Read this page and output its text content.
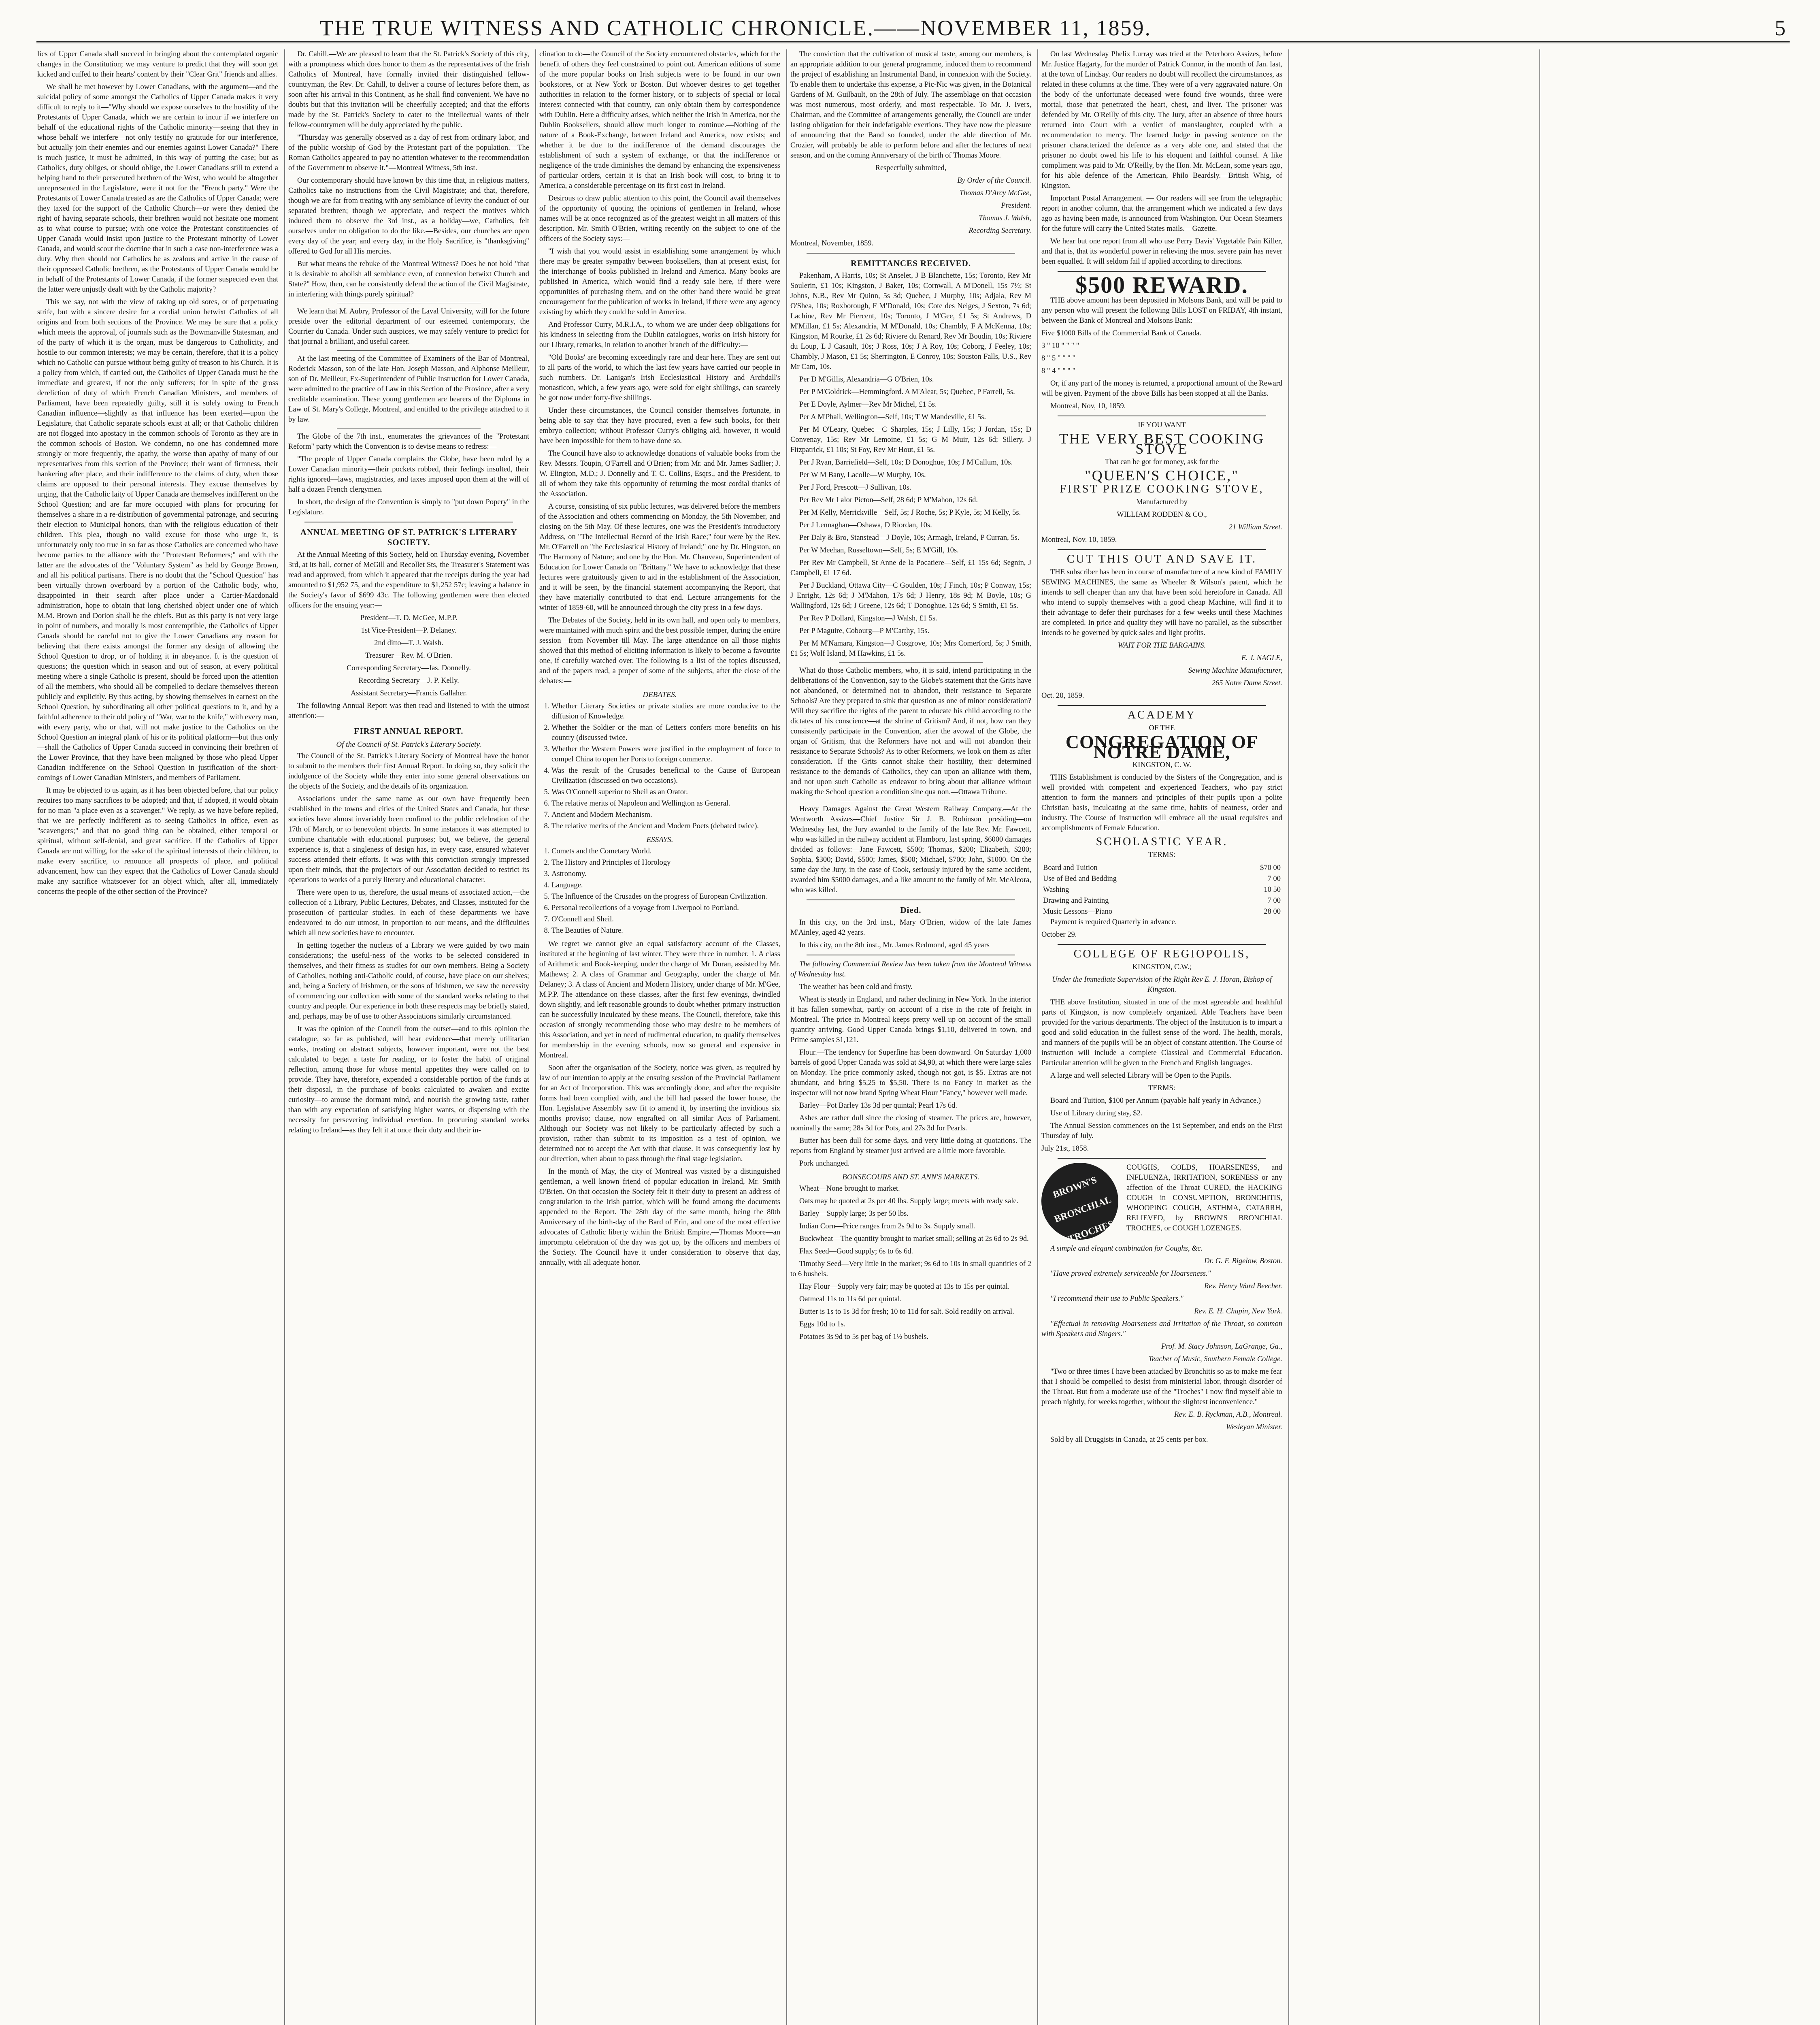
THE TRUE WITNESS AND CATHOLIC CHRONICLE.——NOVEMBER 11, 1859.	5

lics of Upper Canada shall succeed in bringing about the contemplated organic changes in the Constitution; we may venture to predict that they will soon get kicked and cuffed to their hearts' content by their "Clear Grit" friends and allies.

We shall be met however by Lower Canadians, with the argument—and the suicidal policy of some amongst the Catholics of Upper Canada makes it very difficult to reply to it—"Why should we expose ourselves to the hostility of the Protestants of Upper Canada, which we are certain to incur if we interfere on behalf of the educational rights of the Catholic minority—seeing that they in whose behalf we interfere—not only testify no gratitude for our interference, but actually join their enemies and our enemies against Lower Canada?" There is much justice, it must be admitted, in this way of putting the case; but as Catholics, duty obliges, or should oblige, the Lower Canadians still to extend a helping hand to their persecuted brethren of the West, who would be altogether unrepresented in the Legislature, were it not for the "French party." Were the Protestants of Lower Canada treated as are the Catholics of Upper Canada; were they taxed for the support of the Catholic Church—or were they denied the right of having separate schools, their brethren would not hesitate one moment as to what course to pursue; with one voice the Protestant constituencies of Upper Canada would insist upon justice to the Protestant minority of Lower Canada, and would scout the doctrine that in such a case non-interference was a duty. Why then should not Catholics be as zealous and active in the cause of their oppressed Catholic brethren, as the Protestants of Upper Canada would be in behalf of the Protestants of Lower Canada, if the former suspected even that the latter were unjustly dealt with by the Catholic majority?

This we say, not with the view of raking up old sores, or of perpetuating strife, but with a sincere desire for a cordial union betwixt Catholics of all origins and from both sections of the Province. We may be sure that a policy which meets the approval, of journals such as the Bowmanville Statesman, and of the party of which it is the organ, must be dangerous to Catholicity, and hostile to our common interests; we may be certain, therefore, that it is a policy which no Catholic can pursue without being guilty of treason to his Church. It is a policy from which, if carried out, the Catholics of Upper Canada must be the immediate and greatest, if not the only sufferers; for in spite of the gross dereliction of duty of which French Canadian Ministers, and members of Parliament, have been repeatedly guilty, still it is solely owing to French Canadian influence—slightly as that influence has been exerted—upon the Legislature, that Catholic separate schools exist at all; or that Catholic children are not flogged into apostacy in the common schools of Toronto as they are in the common schools of Boston. We condemn, no one has condemned more strongly or more frequently, the apathy, the worse than apathy of many of our representatives from this section of the Province; their want of firmness, their hankering after place, and their indifference to the claims of duty, when those claims are opposed to their personal interests. They excuse themselves by urging, that the Catholic laity of Upper Canada are themselves indifferent on the School Question; and are far more occupied with plans for procuring for themselves a share in a re-distribution of governmental patronage, and securing their election to Municipal honors, than with the religious education of their children. This plea, though no valid excuse for those who urge it, is unfortunately only too true in so far as those Catholics are concerned who have become parties to the alliance with the "Protestant Reformers;" and with the latter are the advocates of the "Voluntary System" as held by George Brown, and all his political partisans. There is no doubt that the "School Question" has been virtually thrown overboard by a portion of the Catholic body, who, disappointed in their search after place under a Cartier-Macdonald administration, hope to obtain that long cherished object under one of which M.M. Brown and Dorion shall be the chiefs. But as this party is not very large in point of numbers, and morally is most contemptible, the Catholics of Upper Canada should be careful not to give the Lower Canadians any reason for believing that there exists amongst the former any design of allowing the School Question to drop, or of holding it in abeyance. It is the question of questions; the question which in season and out of season, at every political meeting where a single Catholic is present, should be forced upon the attention of all the members, who should all be compelled to declare themselves thereon publicly and explicitly. By thus acting, by showing themselves in earnest on the School Question, by subordinating all other political questions to it, and by a faithful adherence to their old policy of "War, war to the knife," with every man, with every party, who or that, will not make justice to the Catholics on the School Question an integral plank of his or its political platform—but thus only—shall the Catholics of Upper Canada succeed in convincing their brethren of the Lower Province, that they have been maligned by those who plead Upper Canadian indifference on the School Question in justification of the short-comings of Lower Canadian Ministers, and members of Parliament.

It may be objected to us again, as it has been objected before, that our policy requires too many sacrifices to be adopted; and that, if adopted, it would obtain for no man "a place even as a scavenger." We reply, as we have before replied, that we are perfectly indifferent as to seeing Catholics in office, even as "scavengers;" and that no good thing can be obtained, either temporal or spiritual, without self-denial, and great sacrifice. If the Catholics of Upper Canada are not willing, for the sake of the spiritual interests of their children, to make every sacrifice, to renounce all prospects of place, and political advancement, how can they expect that the Catholics of Lower Canada should make any sacrifice whatsoever for an object which, after all, immediately concerns the people of the other section of the Province?

Dr. Cahill.—We are pleased to learn that the St. Patrick's Society of this city, with a promptness which does honor to them as the representatives of the Irish Catholics of Montreal, have formally invited their distinguished fellow-countryman, the Rev. Dr. Cahill, to deliver a course of lectures before them, as soon after his arrival in this Continent, as he shall find convenient. We have no doubts but that this invitation will be cheerfully accepted; and that the efforts made by the St. Patrick's Society to cater to the intellectual wants of their fellow-countrymen will be duly appreciated by the public.

"Thursday was generally observed as a day of rest from ordinary labor, and of the public worship of God by the Protestant part of the population.—The Roman Catholics appeared to pay no attention whatever to the recommendation of the Government to observe it."—Montreal Witness, 5th inst.

Our contemporary should have known by this time that, in religious matters, Catholics take no instructions from the Civil Magistrate; and that, therefore, though we are far from treating with any semblance of levity the conduct of our separated brethren; though we appreciate, and respect the motives which induced them to observe the 3rd inst., as a holiday—we, Catholics, felt ourselves under no obligation to do the like.—Besides, our churches are open every day of the year; and every day, in the Holy Sacrifice, is "thanksgiving" offered to God for all His mercies.

But what means the rebuke of the Montreal Witness? Does he not hold "that it is desirable to abolish all semblance even, of connexion betwixt Church and State?" How, then, can he consistently defend the action of the Civil Magistrate, in interfering with things purely spiritual?

We learn that M. Aubry, Professor of the Laval University, will for the future preside over the editorial department of our esteemed contemporary, the Courrier du Canada. Under such auspices, we may safely venture to predict for that journal a brilliant, and useful career.

At the last meeting of the Committee of Examiners of the Bar of Montreal, Roderick Masson, son of the late Hon. Joseph Masson, and Alphonse Meilleur, son of Dr. Meilleur, Ex-Superintendent of Public Instruction for Lower Canada, were admitted to the practice of Law in this Section of the Province, after a very creditable examination. These young gentlemen are bearers of the Diploma in Law of St. Mary's College, Montreal, and entitled to the privilege attached to it by law.

The Globe of the 7th inst., enumerates the grievances of the "Protestant Reform" party which the Convention is to devise means to redress:—

"The people of Upper Canada complains the Globe, have been ruled by a Lower Canadian minority—their pockets robbed, their feelings insulted, their rights ignored—laws, magistracies, and taxes imposed upon them at the will of half a dozen French clergymen.

In short, the design of the Convention is simply to "put down Popery" in the Legislature.

ANNUAL MEETING OF ST. PATRICK'S LITERARY SOCIETY.

At the Annual Meeting of this Society, held on Thursday evening, November 3rd, at its hall, corner of McGill and Recollet Sts, the Treasurer's Statement was read and approved, from which it appeared that the receipts during the year had amounted to $1,952 75, and the expenditure to $1,252 57c; leaving a balance in the Society's favor of $699 43c. The following gentlemen were then elected officers for the ensuing year:—

President—T. D. McGee, M.P.P.

1st Vice-President—P. Delaney.

2nd ditto—T. J. Walsh.

Treasurer—Rev. M. O'Brien.

Corresponding Secretary—Jas. Donnelly.

Recording Secretary—J. P. Kelly.

Assistant Secretary—Francis Gallaher.

The following Annual Report was then read and listened to with the utmost attention:—

FIRST ANNUAL REPORT.
Of the Council of St. Patrick's Literary Society.

The Council of the St. Patrick's Literary Society of Montreal have the honor to submit to the members their first Annual Report. In doing so, they solicit the indulgence of the Society while they enter into some general observations on the objects of the Society, and the details of its organization.

Associations under the same name as our own have frequently been established in the towns and cities of the United States and Canada, but these societies have almost invariably been confined to the public celebration of the 17th of March, or to benevolent objects. In some instances it was attempted to combine charitable with educational purposes; but, we believe, the general experience is, that a singleness of design has, in every case, ensured whatever success attended their efforts. It was with this conviction strongly impressed upon their minds, that the projectors of our Association decided to restrict its operations to works of a purely literary and educational character.

There were open to us, therefore, the usual means of associated action,—the collection of a Library, Public Lectures, Debates, and Classes, instituted for the prosecution of particular studies. In each of these departments we have endeavored to do our utmost, in proportion to our means, and the difficulties which all new societies have to encounter.

In getting together the nucleus of a Library we were guided by two main considerations; the useful-ness of the works to be selected considered in themselves, and their fitness as studies for our own members. Being a Society of Catholics, nothing anti-Catholic could, of course, have place on our shelves; and, being a Society of Irishmen, or the sons of Irishmen, we saw the necessity of commencing our collection with some of the standard works relating to that country and people. Our experience in both these respects may be briefly stated, and, perhaps, may be of use to other Associations similarly circumstanced.

It was the opinion of the Council from the outset—and to this opinion the catalogue, so far as published, will bear evidence—that merely utilitarian works, treating on abstract subjects, however important, were not the best calculated to beget a taste for reading, or to foster the habit of original reflection, among those for whose mental appetites they were called on to provide. They have, therefore, expended a considerable portion of the funds at their disposal, in the purchase of books calculated to awaken and excite curiosity—to arouse the dormant mind, and nourish the growing taste, rather than with any expectation of satisfying higher wants, or dispensing with the necessity for persevering individual exertion. In procuring standard works relating to Ireland—as they felt it at once their duty and their in-

clination to do—the Council of the Society encountered obstacles, which for the benefit of others they feel constrained to point out. American editions of some of the more popular books on Irish subjects were to be found in our own bookstores, or at New York or Boston. But whoever desires to get together authorities in relation to the former history, or to subjects of special or local interest connected with that country, can only obtain them by correspondence with Dublin. Here a difficulty arises, which neither the Irish in America, nor the Dublin Booksellers, should allow much longer to continue.—Nothing of the nature of a Book-Exchange, between Ireland and America, now exists; and whether it be due to the indifference of the demand discourages the establishment of such a system of exchange, or that the indifference or negligence of the trade diminishes the demand by enhancing the expensiveness of particular orders, certain it is that an Irish book will cost, to bring it to America, a considerable percentage on its first cost in Ireland.

Desirous to draw public attention to this point, the Council avail themselves of the opportunity of quoting the opinions of gentlemen in Ireland, whose names will be at once recognized as of the greatest weight in all matters of this description. Mr. Smith O'Brien, writing recently on the subject to one of the officers of the Society says:—

"I wish that you would assist in establishing some arrangement by which there may be greater sympathy between booksellers, than at present exist, for the interchange of books published in Ireland and America. Many books are published in America, which would find a ready sale here, if there were opportunities of purchasing them, and on the other hand there would be great encouragement for the publication of works in Ireland, if there were any agency existing by which they could be sold in America.

And Professor Curry, M.R.I.A., to whom we are under deep obligations for his kindness in selecting from the Dublin catalogues, works on Irish history for our Library, remarks, in relation to another branch of the difficulty:—

"Old Books' are becoming exceedingly rare and dear here. They are sent out to all parts of the world, to which the last few years have carried our people in such numbers. Dr. Lanigan's Irish Ecclesiastical History and Archdall's monasticon, which, a few years ago, were sold for eight shillings, can scarcely be got now under forty-five shillings.

Under these circumstances, the Council consider themselves fortunate, in being able to say that they have procured, even a few such books, for their embryo collection; without Professor Curry's obliging aid, however, it would have been impossible for them to have done so.

The Council have also to acknowledge donations of valuable books from the Rev. Messrs. Toupin, O'Farrell and O'Brien; from Mr. and Mr. James Sadlier; J. W. Elington, M.D.; J. Donnelly and T. C. Collins, Esqrs., and the President, to all of whom they take this opportunity of returning the most cordial thanks of the Association.

A course, consisting of six public lectures, was delivered before the members of the Association and others commencing on Monday, the 5th November, and closing on the 5th May. Of these lectures, one was the President's introductory Address, on "The Intellectual Record of the Irish Race;" four were by the Rev. Mr. O'Farrell on "the Ecclesiastical History of Ireland;" one by Dr. Hingston, on The Harmony of Nature; and one by the Hon. Mr. Chauveau, Superintendent of Education for Lower Canada on "Brittany." We have to acknowledge that these lectures were gratuitously given to aid in the establishment of the Association, and it will be seen, by the financial statement accompanying the Report, that they have materially contributed to that end. Lecture arrangements for the winter of 1859-60, will be announced through the city press in a few days.

The Debates of the Society, held in its own hall, and open only to members, were maintained with much spirit and the best possible temper, during the entire session—from November till May. The large attendance on all those nights showed that this method of eliciting information is likely to become a favourite one, if carefully watched over. The following is a list of the topics discussed, and of the papers read, a proper of some of the subjects, after the close of the debates:—

DEBATES.
1. Whether Literary Societies or private studies are more conducive to the diffusion of Knowledge.
2. Whether the Soldier or the man of Letters confers more benefits on his country (discussed twice.
3. Whether the Western Powers were justified in the employment of force to compel China to open her Ports to foreign commerce.
4. Was the result of the Crusades beneficial to the Cause of European Civilization (discussed on two occasions).
5. Was O'Connell superior to Sheil as an Orator.
6. The relative merits of Napoleon and Wellington as General.
7. Ancient and Modern Mechanism.
8. The relative merits of the Ancient and Modern Poets (debated twice).
ESSAYS.
1. Comets and the Cometary World.
2. The History and Principles of Horology
3. Astronomy.
4. Language.
5. The Influence of the Crusades on the progress of European Civilization.
6. Personal recollections of a voyage from Liverpool to Portland.
7. O'Connell and Sheil.
8. The Beauties of Nature.

We regret we cannot give an equal satisfactory account of the Classes, instituted at the beginning of last winter. They were three in number. 1. A class of Arithmetic and Book-keeping, under the charge of Mr Duran, assisted by Mr. Mathews; 2. A class of Grammar and Geography, under the charge of Mr. Delaney; 3. A class of Ancient and Modern History, under charge of Mr. M'Gee, M.P.P. The attendance on these classes, after the first few evenings, dwindled down slightly, and left reasonable grounds to doubt whether primary instruction can be successfully inculcated by these means. The Council, therefore, take this occasion of strongly recommending those who may desire to be members of this Association, and yet in need of rudimental education, to qualify themselves for membership in the evening schools, now so general and expensive in Montreal.

Soon after the organisation of the Society, notice was given, as required by law of our intention to apply at the ensuing session of the Provincial Parliament for an Act of Incorporation. This was accordingly done, and after the requisite forms had been complied with, and the bill had passed the lower house, the Hon. Legislative Assembly saw fit to amend it, by inserting the invidious six months proviso; clause, now engrafted on all similar Acts of Parliament. Although our Society was not likely to be particularly affected by such a provision, rather than submit to its imposition as a test of opinion, we determined not to accept the Act with that clause. It was consequently lost by our direction, when about to pass through the final stage legislation.

In the month of May, the city of Montreal was visited by a distinguished gentleman, a well known friend of popular education in Ireland, Mr. Smith O'Brien. On that occasion the Society felt it their duty to present an address of congratulation to the Irish patriot, which will be found among the documents appended to the Report. The 28th day of the same month, being the 80th Anniversary of the birth-day of the Bard of Erin, and one of the most effective advocates of Catholic liberty within the British Empire,—Thomas Moore—an impromptu celebration of the day was got up, by the officers and members of the Society. The Council have it under consideration to observe that day, annually, with all adequate honor.

The conviction that the cultivation of musical taste, among our members, is an appropriate addition to our general programme, induced them to recommend the project of establishing an Instrumental Band, in connexion with the Society. To enable them to undertake this expense, a Pic-Nic was given, in the Botanical Gardens of M. Guilbault, on the 28th of July. The assemblage on that occasion was most numerous, most orderly, and most respectable. To Mr. J. Ivers, Chairman, and the Committee of arrangements generally, the Council are under lasting obligation for their indefatigable exertions. They have now the pleasure of announcing that the Band so founded, under the able direction of Mr. Crozier, will probably be able to perform before and after the lectures of next season, and on the coming Anniversary of the birth of Thomas Moore.

Respectfully submitted,

By Order of the Council.

Thomas D'Arcy McGee,

President.

Thomas J. Walsh,

Recording Secretary.

Montreal, November, 1859.

REMITTANCES RECEIVED.

Pakenham, A Harris, 10s; St Anselet, J B Blanchette, 15s; Toronto, Rev Mr Soulerin, £1 10s; Kingston, J Baker, 10s; Cornwall, A M'Donell, 15s 7½; St Johns, N.B., Rev Mr Quinn, 5s 3d; Quebec, J Murphy, 10s; Adjala, Rev M O'Shea, 10s; Roxborough, F M'Donald, 10s; Cote des Neiges, J Sexton, 7s 6d; Lachine, Rev Mr Piercent, 10s; Toronto, J M'Gee, £1 5s; St Andrews, D M'Millan, £1 5s; Alexandria, M M'Donald, 10s; Chambly, F A McKenna, 10s; Kingston, M Rourke, £1 2s 6d; Riviere du Renard, Rev Mr Boudin, 10s; Riviere du Loup, L J Casault, 10s; J Ross, 10s; J A Roy, 10s; Coborg, J Feeley, 10s; Chambly, J Mason, £1 5s; Sherrington, E Conroy, 10s; Souston Falls, U.S., Rev Mr Cam, 10s.

Per D M'Gillis, Alexandria—G O'Brien, 10s.

Per P M'Goldrick—Hemmingford. A M'Alear, 5s; Quebec, P Farrell, 5s.

Per E Doyle, Aylmer—Rev Mr Michel, £1 5s.

Per A M'Phail, Wellington—Self, 10s; T W Mandeville, £1 5s.

Per M O'Leary, Quebec—C Sharples, 15s; J Lilly, 15s; J Jordan, 15s; D Convenay, 15s; Rev Mr Lemoine, £1 5s; G M Muir, 12s 6d; Sillery, J Fitzpatrick, £1 10s; St Foy, Rev Mr Hout, £1 5s.

Per J Ryan, Barriefield—Self, 10s; D Donoghue, 10s; J M'Callum, 10s.

Per W M Bany, Lacolle—W Murphy, 10s.

Per J Ford, Prescott—J Sullivan, 10s.

Per Rev Mr Lalor Picton—Self, 28 6d; P M'Mahon, 12s 6d.

Per M Kelly, Merrickville—Self, 5s; J Roche, 5s; P Kyle, 5s; M Kelly, 5s.

Per J Lennaghan—Oshawa, D Riordan, 10s.

Per Daly & Bro, Stanstead—J Doyle, 10s; Armagh, Ireland, P Curran, 5s.

Per W Meehan, Russeltown—Self, 5s; E M'Gill, 10s.

Per Rev Mr Campbell, St Anne de la Pocatiere—Self, £1 15s 6d; Segnin, J Campbell, £1 17 6d.

Per J Buckland, Ottawa City—C Goulden, 10s; J Finch, 10s; P Conway, 15s; J Enright, 12s 6d; J M'Mahon, 17s 6d; J Henry, 18s 9d; M Boyle, 10s; G Wallingford, 12s 6d; J Greene, 12s 6d; T Donoghue, 12s 6d; S Smith, £1 5s.

Per Rev P Dollard, Kingston—J Walsh, £1 5s.

Per P Maguire, Cobourg—P M'Carthy, 15s.

Per M M'Namara, Kingston—J Cosgrove, 10s; Mrs Comerford, 5s; J Smith, £1 5s; Wolf Island, M Hawkins, £1 5s.

What do those Catholic members, who, it is said, intend participating in the deliberations of the Convention, say to the Globe's statement that the Grits have not abandoned, or determined not to abandon, their resistance to Separate Schools? Are they prepared to sink that question as one of minor consideration? Will they sacrifice the rights of the parent to educate his child according to the dictates of his conscience—at the shrine of Gritism? And, if not, how can they consistently participate in the Convention, after the avowal of the Globe, the organ of Gritism, that the Reformers have not and will not abandon their resistance to Separate Schools? As to other Reformers, we look on them as after consideration. If the Grits cannot shake their hostility, their determined resistance to the demands of Catholics, they can upon an alliance with them, and not upon such Catholic as endeavor to bring about that alliance without making the School question a condition sine qua non.—Ottawa Tribune.

Heavy Damages Against the Great Western Railway Company.—At the Wentworth Assizes—Chief Justice Sir J. B. Robinson presiding—on Wednesday last, the Jury awarded to the family of the late Rev. Mr. Fawcett, who was killed in the railway accident at Flamboro, last spring, $6000 damages divided as follows:—Jane Fawcett, $500; Thomas, $200; Elizabeth, $200; Sophia, $300; David, $500; James, $500; Michael, $700; John, $1000. On the same day the Jury, in the case of Cook, seriously injured by the same accident, awarded him $5000 damages, and a like amount to the family of Mr. McAlcora, who was killed.

Died.

In this city, on the 3rd inst., Mary O'Brien, widow of the late James M'Ainley, aged 42 years.

In this city, on the 8th inst., Mr. James Redmond, aged 45 years

The following Commercial Review has been taken from the Montreal Witness of Wednesday last.

The weather has been cold and frosty.

Wheat is steady in England, and rather declining in New York. In the interior it has fallen somewhat, partly on account of a rise in the rate of freight in Montreal. The price in Montreal keeps pretty well up on account of the small quantity arriving. Good Upper Canada brings $1,10, delivered in town, and Prime samples $1,121.

Flour.—The tendency for Superfine has been downward. On Saturday 1,000 barrels of good Upper Canada was sold at $4,90, at which there were large sales on Monday. The price commonly asked, though not got, is $5. Extras are not abundant, and bring $5,25 to $5,50. There is no Fancy in market as the inspector will not now brand Spring Wheat Flour "Fancy," however well made.

Barley—Pot Barley 13s 3d per quintal; Pearl 17s 6d.

Ashes are rather dull since the closing of steamer. The prices are, however, nominally the same; 28s 3d for Pots, and 27s 3d for Pearls.

Butter has been dull for some days, and very little doing at quotations. The reports from England by steamer just arrived are a little more favorable.

Pork unchanged.

BONSECOURS AND ST. ANN'S MARKETS.

Wheat—None brought to market.

Oats may be quoted at 2s per 40 lbs. Supply large; meets with ready sale.

Barley—Supply large; 3s per 50 lbs.

Indian Corn—Price ranges from 2s 9d to 3s. Supply small.

Buckwheat—The quantity brought to market small; selling at 2s 6d to 2s 9d.

Flax Seed—Good supply; 6s to 6s 6d.

Timothy Seed—Very little in the market; 9s 6d to 10s in small quantities of 2 to 6 bushels.

Hay Flour—Supply very fair; may be quoted at 13s to 15s per quintal.

Oatmeal 11s to 11s 6d per quintal.

Butter is 1s to 1s 3d for fresh; 10 to 11d for salt. Sold readily on arrival.

Eggs 10d to 1s.

Potatoes 3s 9d to 5s per bag of 1½ bushels.

On last Wednesday Phelix Lurray was tried at the Peterboro Assizes, before Mr. Justice Hagarty, for the murder of Patrick Connor, in the month of Jan. last, at the town of Lindsay. Our readers no doubt will recollect the circumstances, as related in these columns at the time. They were of a very aggravated nature. On the body of the unfortunate deceased were found five wounds, three were mortal, those that penetrated the heart, chest, and liver. The prisoner was defended by Mr. O'Reilly of this city. The Jury, after an absence of three hours returned into Court with a verdict of manslaughter, coupled with a recommendation to mercy. The learned Judge in passing sentence on the prisoner characterized the defence as a very able one, and stated that the prisoner no doubt owed his life to his eloquent and faithful counsel. A like compliment was paid to Mr. O'Reilly, by the Hon. Mr. McLean, some years ago, for his able defence of the American, Philo Beardsly.—British Whig, of Kingston.

Important Postal Arrangement. — Our readers will see from the telegraphic report in another column, that the arrangement which we indicated a few days ago as having been made, is announced from Washington. Our Ocean Steamers for the future will carry the United States mails.—Gazette.

We hear but one report from all who use Perry Davis' Vegetable Pain Killer, and that is, that its wonderful power in relieving the most severe pain has never been equalled. It will seldom fail if applied according to directions.

$500 REWARD.

THE above amount has been deposited in Molsons Bank, and will be paid to any person who will present the following Bills LOST on FRIDAY, 4th instant, between the Bank of Montreal and Molsons Bank:—

Five $1000 Bills of the Commercial Bank of Canada.

3 " 10 " " " "

8 " 5 " " " "

8 " 4 " " " "

Or, if any part of the money is returned, a proportional amount of the Reward will be given. Payment of the above Bills has been stopped at all the Banks.

Montreal, Nov, 10, 1859.

IF YOU WANT

THE VERY BEST COOKING STOVE

That can be got for money, ask for the

"QUEEN'S CHOICE,"
FIRST PRIZE COOKING STOVE,

Manufactured by

WILLIAM RODDEN & CO.,

21 William Street.

Montreal, Nov. 10, 1859.

CUT THIS OUT AND SAVE IT.

THE subscriber has been in course of manufacture of a new kind of FAMILY SEWING MACHINES, the same as Wheeler & Wilson's patent, which he intends to sell cheaper than any that have been sold heretofore in Canada. All who intend to supply themselves with a good cheap Machine, will find it to their advantage to defer their purchases for a few weeks until these Machines are completed. In price and quality they will have no parallel, as the subscriber intends to be governed by quick sales and light profits.

WAIT FOR THE BARGAINS.

E. J. NAGLE,

Sewing Machine Manufacturer,

265 Notre Dame Street.

Oct. 20, 1859.

ACADEMY

OF THE

CONGREGATION OF NOTRE DAME,

KINGSTON, C. W.

THIS Establishment is conducted by the Sisters of the Congregation, and is well provided with competent and experienced Teachers, who pay strict attention to form the manners and principles of their pupils upon a polite Christian basis, inculcating at the same time, habits of neatness, order and industry. The Course of Instruction will embrace all the usual requisites and accomplishments of Female Education.

SCHOLASTIC YEAR.

TERMS:

Board and Tuition	$70 00
Use of Bed and Bedding	7 00
Washing	10 50
Drawing and Painting	7 00
Music Lessons—Piano	28 00

Payment is required Quarterly in advance.

October 29.

COLLEGE OF REGIOPOLIS,

KINGSTON, C.W.;

Under the Immediate Supervision of the Right Rev E. J. Horan, Bishop of Kingston.

THE above Institution, situated in one of the most agreeable and healthful parts of Kingston, is now completely organized. Able Teachers have been provided for the various departments. The object of the Institution is to impart a good and solid education in the fullest sense of the word. The health, morals, and manners of the pupils will be an object of constant attention. The Course of instruction will include a complete Classical and Commercial Education. Particular attention will be given to the French and English languages.

A large and well selected Library will be Open to the Pupils.

TERMS:

Board and Tuition, $100 per Annum (payable half yearly in Advance.)

Use of Library during stay, $2.

The Annual Session commences on the 1st September, and ends on the First Thursday of July.

July 21st, 1858.

BROWN'S BRONCHIAL TROCHES

COUGHS, COLDS, HOARSENESS, and INFLUENZA, IRRITATION, SORENESS or any affection of the Throat CURED, the HACKING COUGH in CONSUMPTION, BRONCHITIS, WHOOPING COUGH, ASTHMA, CATARRH, RELIEVED, by BROWN'S BRONCHIAL TROCHES, or COUGH LOZENGES.

A simple and elegant combination for Coughs, &c.

Dr. G. F. Bigelow, Boston.

"Have proved extremely serviceable for Hoarseness."

Rev. Henry Ward Beecher.

"I recommend their use to Public Speakers."

Rev. E. H. Chapin, New York.

"Effectual in removing Hoarseness and Irritation of the Throat, so common with Speakers and Singers."

Prof. M. Stacy Johnson, LaGrange, Ga.,

Teacher of Music, Southern Female College.

"Two or three times I have been attacked by Bronchitis so as to make me fear that I should be compelled to desist from ministerial labor, through disorder of the Throat. But from a moderate use of the "Troches" I now find myself able to preach nightly, for weeks together, without the slightest inconvenience."

Rev. E. B. Ryckman, A.B., Montreal.

Wesleyan Minister.

Sold by all Druggists in Canada, at 25 cents per box.
